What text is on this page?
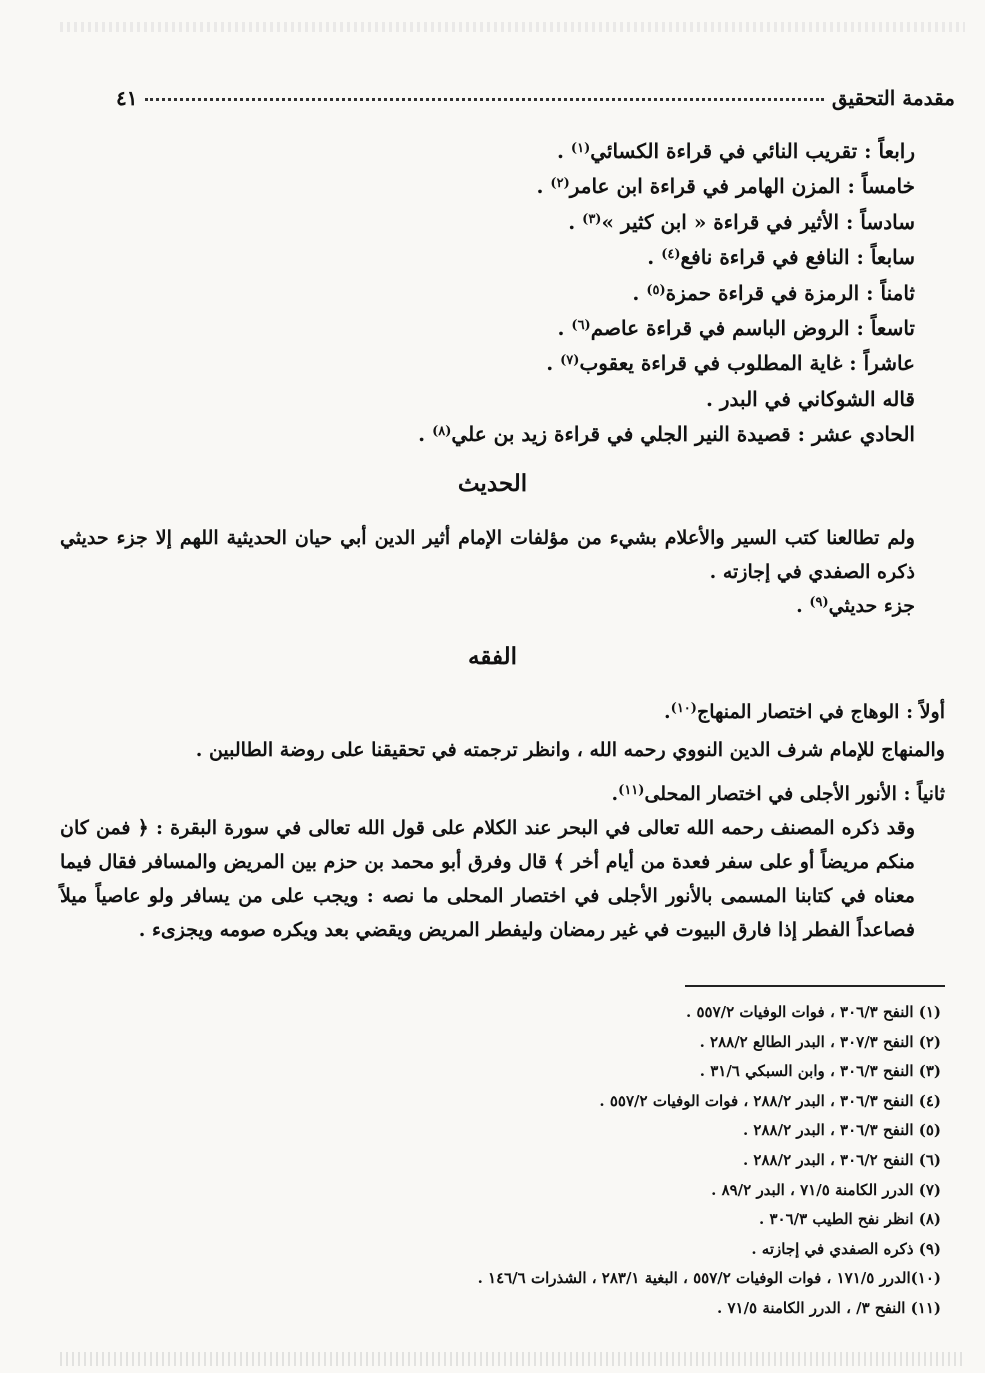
مقدمة التحقيق
٤١
رابعاً : تقريب النائي في قراءة الكسائي$^{(١)}$ .
خامساً : المزن الهامر في قراءة ابن عامر$^{(٢)}$ .
سادساً : الأثير في قراءة « ابن كثير »$^{(٣)}$ .
سابعاً : النافع في قراءة نافع$^{(٤)}$ .
ثامناً : الرمزة في قراءة حمزة$^{(٥)}$ .
تاسعاً : الروض الباسم في قراءة عاصم$^{(٦)}$ .
عاشراً : غاية المطلوب في قراءة يعقوب$^{(٧)}$ .
قاله الشوكاني في البدر .
الحادي عشر : قصيدة النير الجلي في قراءة زيد بن علي$^{(٨)}$ .
الحديث

ولم تطالعنا كتب السير والأعلام بشيء من مؤلفات الإمام أثير الدين أبي حيان الحديثية اللهم إلا جزء حديثي ذكره الصفدي في إجازته .

جزء حديثي$^{(٩)}$ .

الفقه

أولاً : الوهاج في اختصار المنهاج$^{(١٠)}$.

والمنهاج للإمام شرف الدين النووي رحمه الله ، وانظر ترجمته في تحقيقنا على روضة الطالبين .

ثانياً : الأنور الأجلى في اختصار المحلى$^{(١١)}$.

وقد ذكره المصنف رحمه الله تعالى في البحر عند الكلام على قول الله تعالى في سورة البقرة : ﴿ فمن كان منكم مريضاً أو على سفر فعدة من أيام أخر ﴾ قال وفرق أبو محمد بن حزم بين المريض والمسافر فقال فيما معناه في كتابنا المسمى بالأنور الأجلى في اختصار المحلى ما نصه : ويجب على من يسافر ولو عاصياً ميلاً فصاعداً الفطر إذا فارق البيوت في غير رمضان وليفطر المريض ويقضي بعد ويكره صومه ويجزىء .

(١) النفح ٣٠٦/٣ ، فوات الوفيات ٥٥٧/٢ .
(٢) النفح ٣٠٧/٣ ، البدر الطالع ٢٨٨/٢ .
(٣) النفح ٣٠٦/٣ ، وابن السبكي ٣١/٦ .
(٤) النفح ٣٠٦/٣ ، البدر ٢٨٨/٢ ، فوات الوفيات ٥٥٧/٢ .
(٥) النفح ٣٠٦/٣ ، البدر ٢٨٨/٢ .
(٦) النفح ٣٠٦/٢ ، البدر ٢٨٨/٢ .
(٧) الدرر الكامنة ٧١/٥ ، البدر ٨٩/٢ .
(٨) انظر نفح الطيب ٣٠٦/٣ .
(٩) ذكره الصفدي في إجازته .
(١٠)الدرر ١٧١/٥ ، فوات الوفيات ٥٥٧/٢ ، البغية ٢٨٣/١ ، الشذرات ١٤٦/٦ .
(١١) النفح ٣/ ، الدرر الكامنة ٧١/٥ .
